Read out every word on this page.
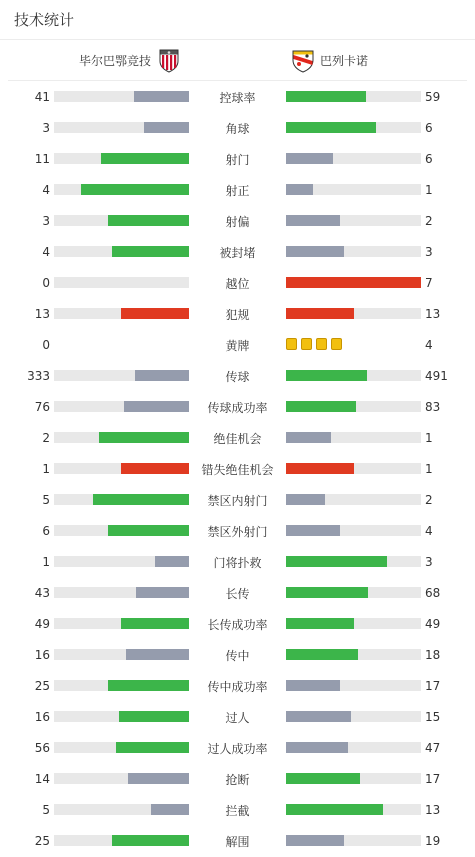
技术统计
毕尔巴鄂竞技	巴列卡诺
41	控球率	59
3	角球	6
11	射门	6
4	射正	1
3	射偏	2
4	被封堵	3
0	越位	7
13	犯规	13
0	黄牌	4
333	传球	491
76	传球成功率	83
2	绝佳机会	1
1	错失绝佳机会	1
5	禁区内射门	2
6	禁区外射门	4
1	门将扑救	3
43	长传	68
49	长传成功率	49
16	传中	18
25	传中成功率	17
16	过人	15
56	过人成功率	47
14	抢断	17
5	拦截	13
25	解围	19
